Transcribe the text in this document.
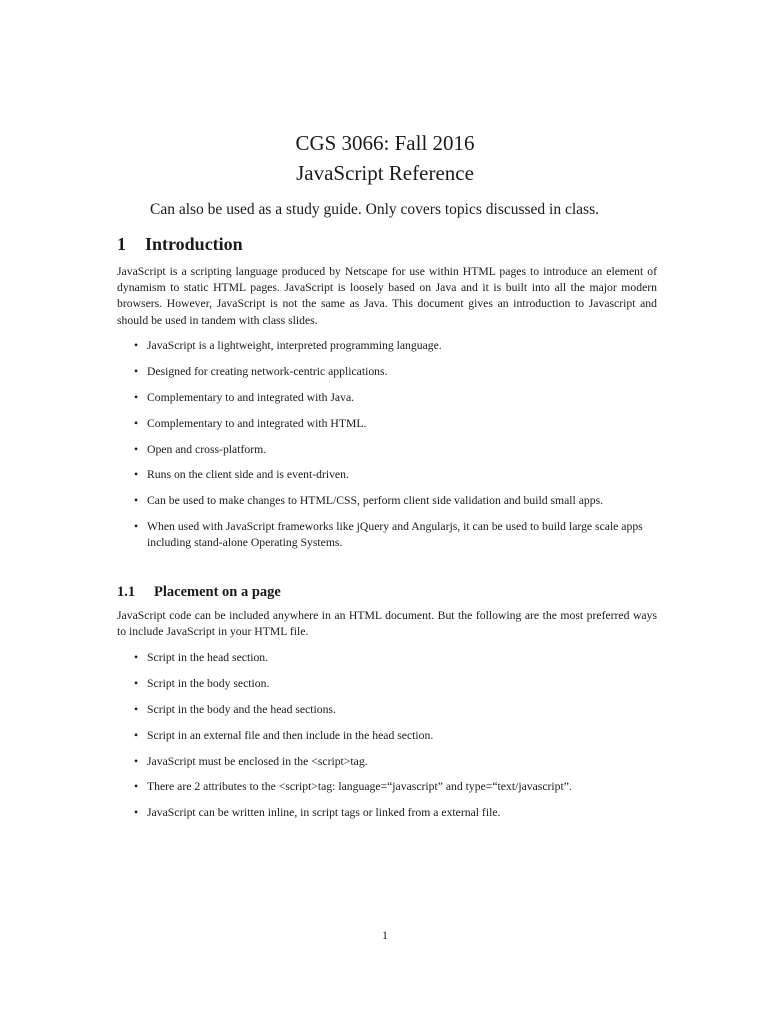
CGS 3066: Fall 2016
JavaScript Reference
Can also be used as a study guide. Only covers topics discussed in class.
1 Introduction
JavaScript is a scripting language produced by Netscape for use within HTML pages to introduce an element of dynamism to static HTML pages. JavaScript is loosely based on Java and it is built into all the major modern browsers. However, JavaScript is not the same as Java. This document gives an introduction to Javascript and should be used in tandem with class slides.
• JavaScript is a lightweight, interpreted programming language.
• Designed for creating network-centric applications.
• Complementary to and integrated with Java.
• Complementary to and integrated with HTML.
• Open and cross-platform.
• Runs on the client side and is event-driven.
• Can be used to make changes to HTML/CSS, perform client side validation and build small apps.
• When used with JavaScript frameworks like jQuery and Angularjs, it can be used to build large scale apps including stand-alone Operating Systems.
1.1 Placement on a page
JavaScript code can be included anywhere in an HTML document. But the following are the most preferred ways to include JavaScript in your HTML file.
• Script in the head section.
• Script in the body section.
• Script in the body and the head sections.
• Script in an external file and then include in the head section.
• JavaScript must be enclosed in the <script>tag.
• There are 2 attributes to the <script>tag: language=“javascript” and type=“text/javascript”.
• JavaScript can be written inline, in script tags or linked from a external file.
1
